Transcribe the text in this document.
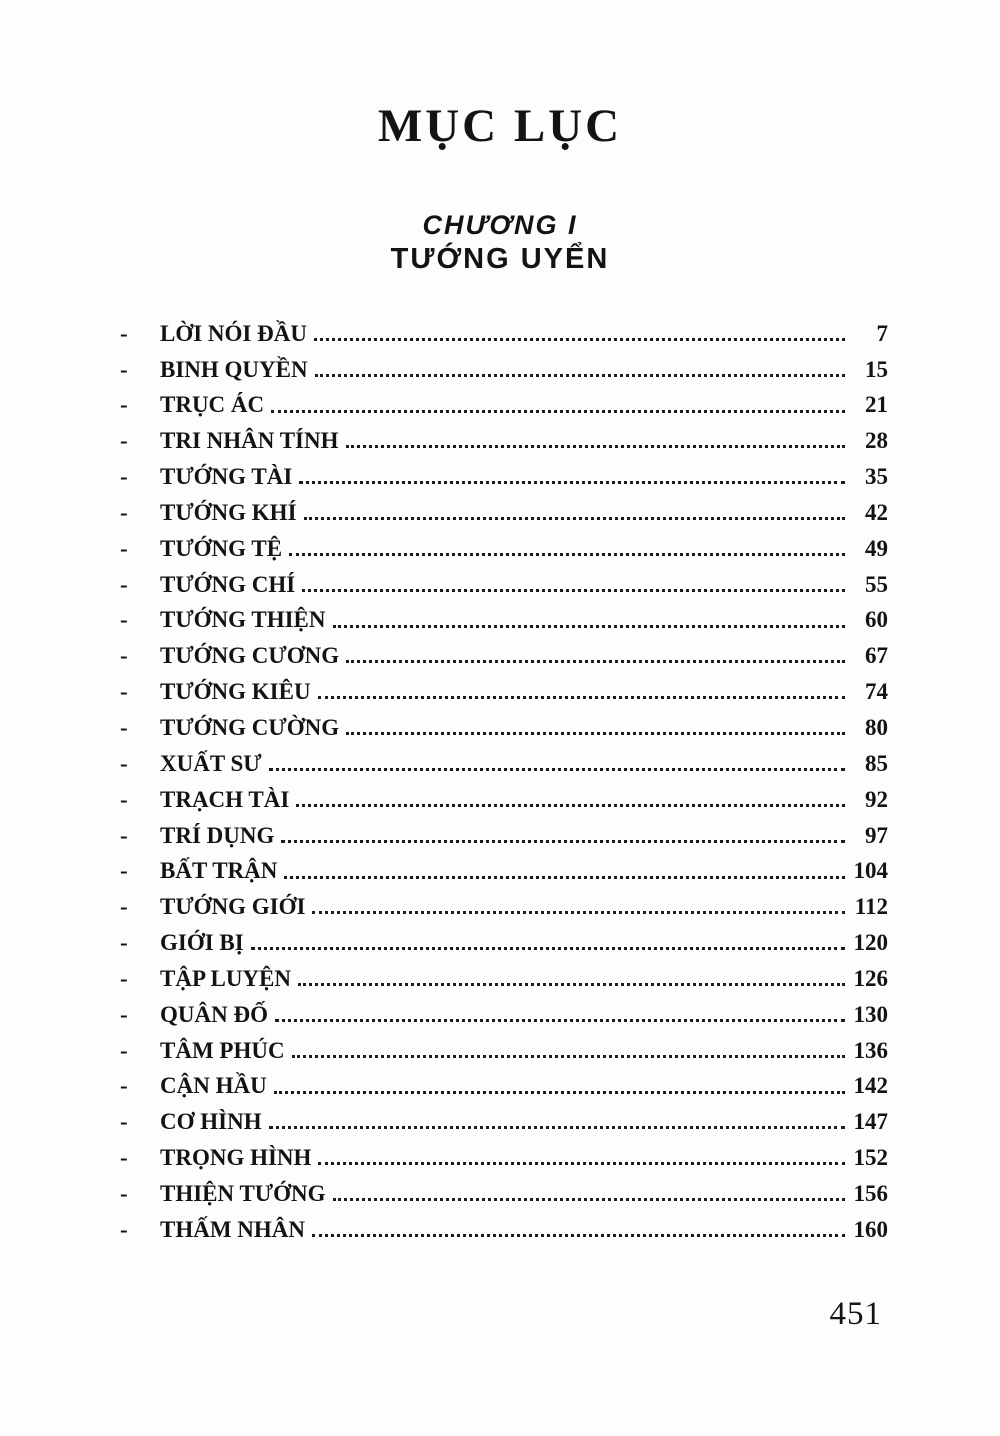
MỤC LỤC
CHƯƠNG I
TƯỚNG UYỂN
-	LỜI NÓI ĐẦU	7
-	BINH QUYỀN	15
-	TRỤC ÁC	21
-	TRI NHÂN TÍNH	28
-	TƯỚNG TÀI	35
-	TƯỚNG KHÍ	42
-	TƯỚNG TỆ	49
-	TƯỚNG CHÍ	55
-	TƯỚNG THIỆN	60
-	TƯỚNG CƯƠNG	67
-	TƯỚNG KIÊU	74
-	TƯỚNG CƯỜNG	80
-	XUẤT SƯ	85
-	TRẠCH TÀI	92
-	TRÍ DỤNG	97
-	BẤT TRẬN	104
-	TƯỚNG GIỚI	112
-	GIỚI BỊ	120
-	TẬP LUYỆN	126
-	QUÂN ĐỐ	130
-	TÂM PHÚC	136
-	CẬN HẦU	142
-	CƠ HÌNH	147
-	TRỌNG HÌNH	152
-	THIỆN TƯỚNG	156
-	THẤM NHÂN	160
451
